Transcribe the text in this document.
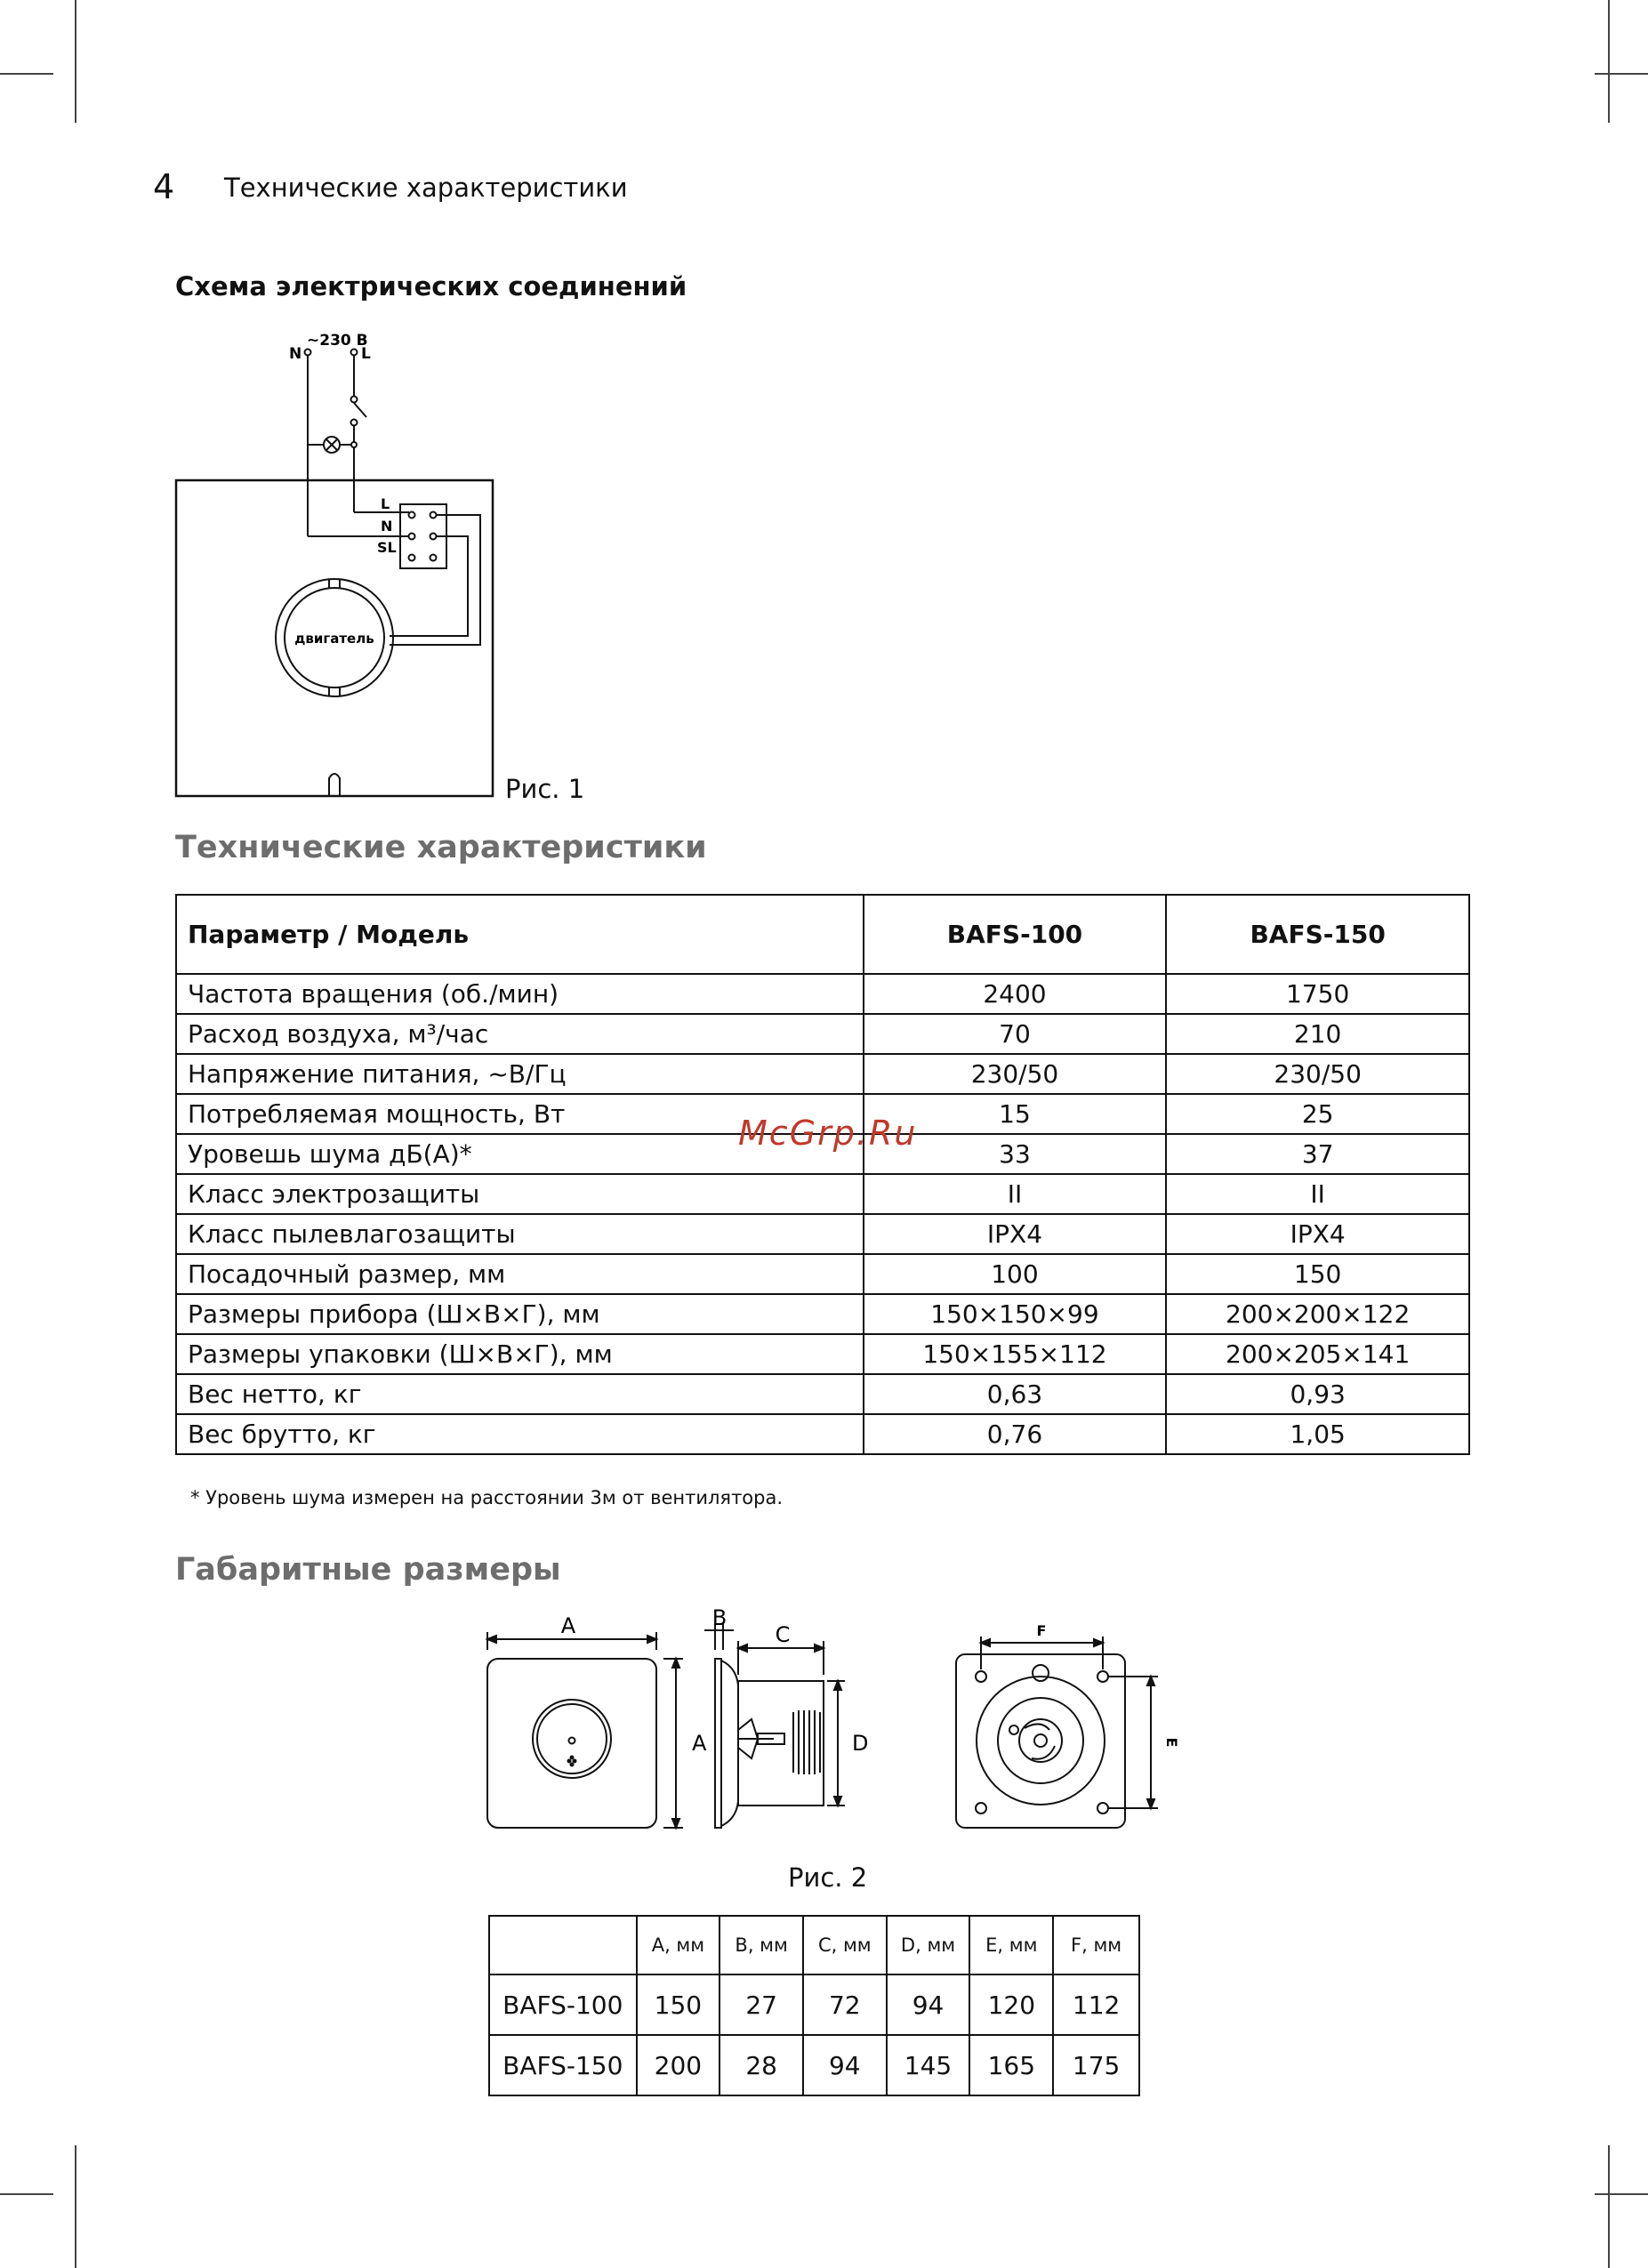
4 Технические характеристики
Схема электрических соединений
~230 В
N	L
L
N
SL
двигатель
Рис. 1
Технические характеристики
Параметр / Модель	BAFS-100	BAFS-150
Частота вращения (об./мин)	2400	1750
Расход воздуха, м³/час	70	210
Напряжение питания, ~В/Гц	230/50	230/50
Потребляемая мощность, Вт	15	25
Уровешь шума дБ(А)*	33	37
Класс электрозащиты	II	II
Класс пылевлагозащиты	IPX4	IPX4
Посадочный размер, мм	100	150
Размеры прибора (Ш×В×Г), мм	150×150×99	200×200×122
Размеры упаковки (Ш×В×Г), мм	150×155×112	200×205×141
Вес нетто, кг	0,63	0,93
Вес брутто, кг	0,76	1,05
* Уровень шума измерен на расстоянии 3м от вентилятора.
McGrp.Ru
Габаритные размеры
A
A
B
C
D
F
E
Рис. 2
	A, мм	B, мм	C, мм	D, мм	E, мм	F, мм
BAFS-100	150	27	72	94	120	112
BAFS-150	200	28	94	145	165	175
